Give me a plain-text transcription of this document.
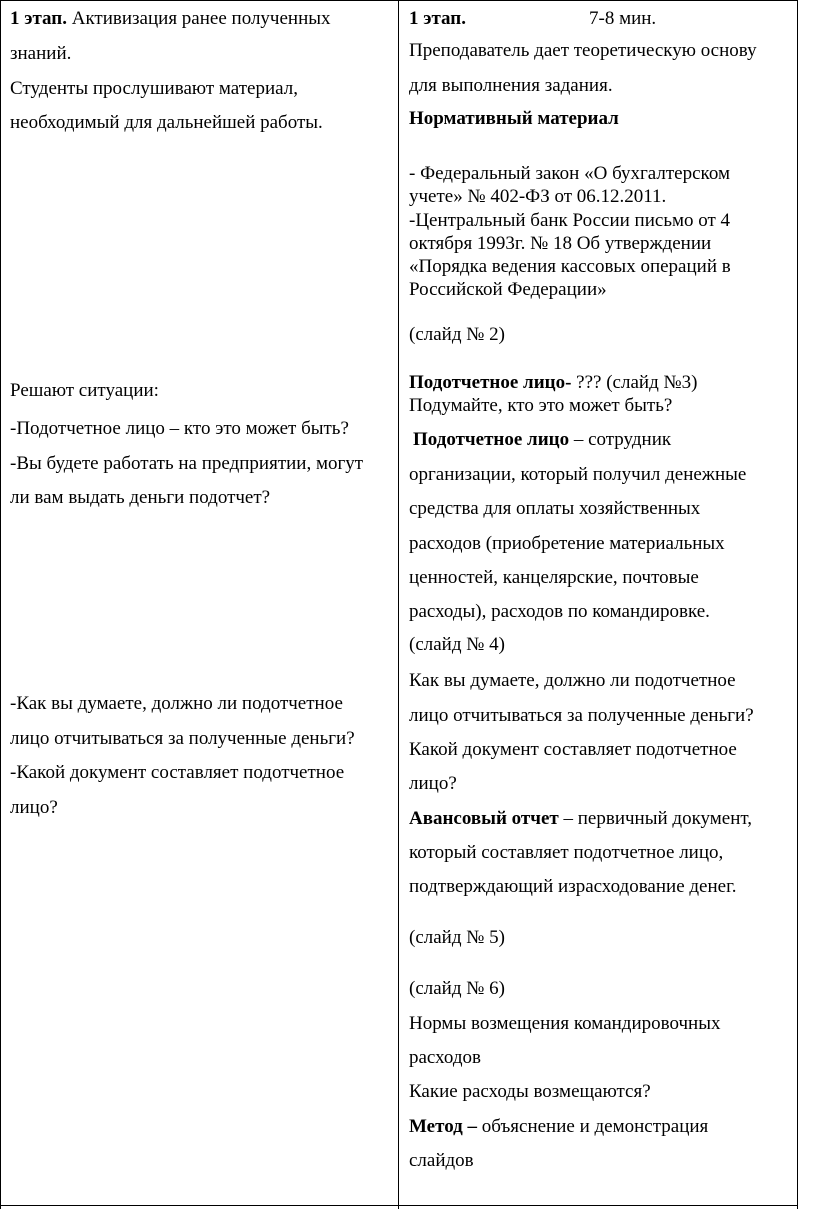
1 этап. Активизация ранее полученных
знаний.
Студенты прослушивают материал,
необходимый для дальнейшей работы.
Решают ситуации:
-Подотчетное лицо – кто это может быть?
-Вы будете работать на предприятии, могут
ли вам выдать деньги подотчет?
-Как вы думаете, должно ли подотчетное
лицо отчитываться за полученные деньги?
-Какой документ составляет подотчетное
лицо?
1 этап.	7-8 мин.
Преподаватель дает теоретическую основу
для выполнения задания.
Нормативный материал
- Федеральный закон «О бухгалтерском
учете» № 402-ФЗ от 06.12.2011.
-Центральный банк России письмо от 4
октября 1993г. № 18 Об утверждении
«Порядка ведения кассовых операций в
Российской Федерации»
(слайд № 2)
Подотчетное лицо- ??? (слайд №3)
Подумайте, кто это может быть?
Подотчетное лицо – сотрудник
организации, который получил денежные
средства для оплаты хозяйственных
расходов (приобретение материальных
ценностей, канцелярские, почтовые
расходы), расходов по командировке.
(слайд № 4)
Как вы думаете, должно ли подотчетное
лицо отчитываться за полученные деньги?
Какой документ составляет подотчетное
лицо?
Авансовый отчет – первичный документ,
который составляет подотчетное лицо,
подтверждающий израсходование денег.
(слайд № 5)
(слайд № 6)
Нормы возмещения командировочных
расходов
Какие расходы возмещаются?
Метод – объяснение и демонстрация
слайдов
